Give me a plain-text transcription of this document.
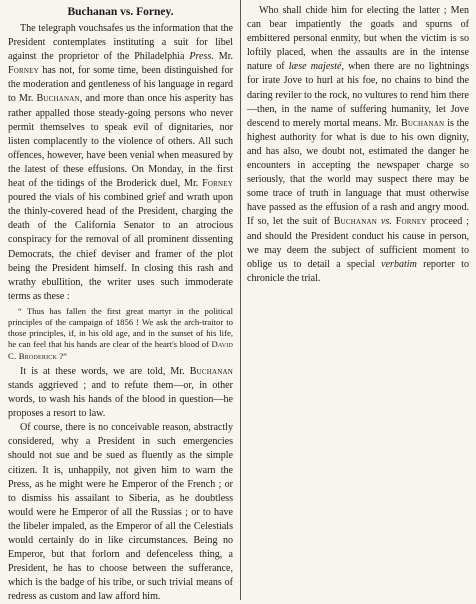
Buchanan vs. Forney.

The telegraph vouchsafes us the information that the President contemplates instituting a suit for libel against the proprietor of the Philadelphia Press. Mr. Forney has not, for some time, been distinguished for the moderation and gentleness of his language in regard to Mr. Buchanan, and more than once his asperity has rather appalled those steady-going persons who never permit themselves to speak evil of dignitaries, nor listen complacently to the violence of others. All such offences, however, have been venial when measured by the latest of these effusions. On Monday, in the first heat of the tidings of the Broderick duel, Mr. Forney poured the vials of his combined grief and wrath upon the thinly-covered head of the President, charging the death of the California Senator to an atrocious conspiracy for the removal of all prominent dissenting Democrats, the chief deviser and framer of the plot being the President himself. In closing this rash and wrathy ebullition, the writer uses such immoderate terms as these :

“ Thus has fallen the first great martyr in the political principles of the campaign of 1856 ! We ask the arch-traitor to those principles, if, in his old age, and in the sunset of his life, he can feel that his hands are clear of the heart's blood of David C. Broderick ?”

It is at these words, we are told, Mr. Buchanan stands aggrieved ; and to refute them—or, in other words, to wash his hands of the blood in question—he proposes a resort to law.

Of course, there is no conceivable reason, abstractly considered, why a President in such emergencies should not sue and be sued as fluently as the simple citizen. It is, unhappily, not given him to warn the Press, as he might were he Emperor of the French ; or to dismiss his assailant to Siberia, as he doubtless would were he Emperor of all the Russias ; or to have the libeler impaled, as the Emperor of all the Celestials would certainly do in like circumstances. Being no Emperor, but that forlorn and defenceless thing, a President, he has to choose between the sufferance, which is the badge of his tribe, or such trivial means of redress as custom and law afford him.

Who shall chide him for electing the latter ; Men can bear impatiently the goads and spurns of embittered personal enmity, but when the victim is so loftily placed, when the assaults are in the intense nature of læse majesté, when there are no lightnings for irate Jove to hurl at his foe, no chains to bind the daring reviler to the rock, no vultures to rend him there—then, in the name of suffering humanity, let Jove descend to merely mortal means. Mr. Buchanan is the highest authority for what is due to his own dignity, and has also, we doubt not, estimated the danger he encounters in accepting the newspaper charge so seriously, that the world may suspect there may be some trace of truth in language that must otherwise have passed as the effusion of a rash and angry mood. If so, let the suit of Buchanan vs. Forney proceed ; and should the President conduct his cause in person, we may deem the subject of sufficient moment to oblige us to detail a special verbatim reporter to chronicle the trial.
